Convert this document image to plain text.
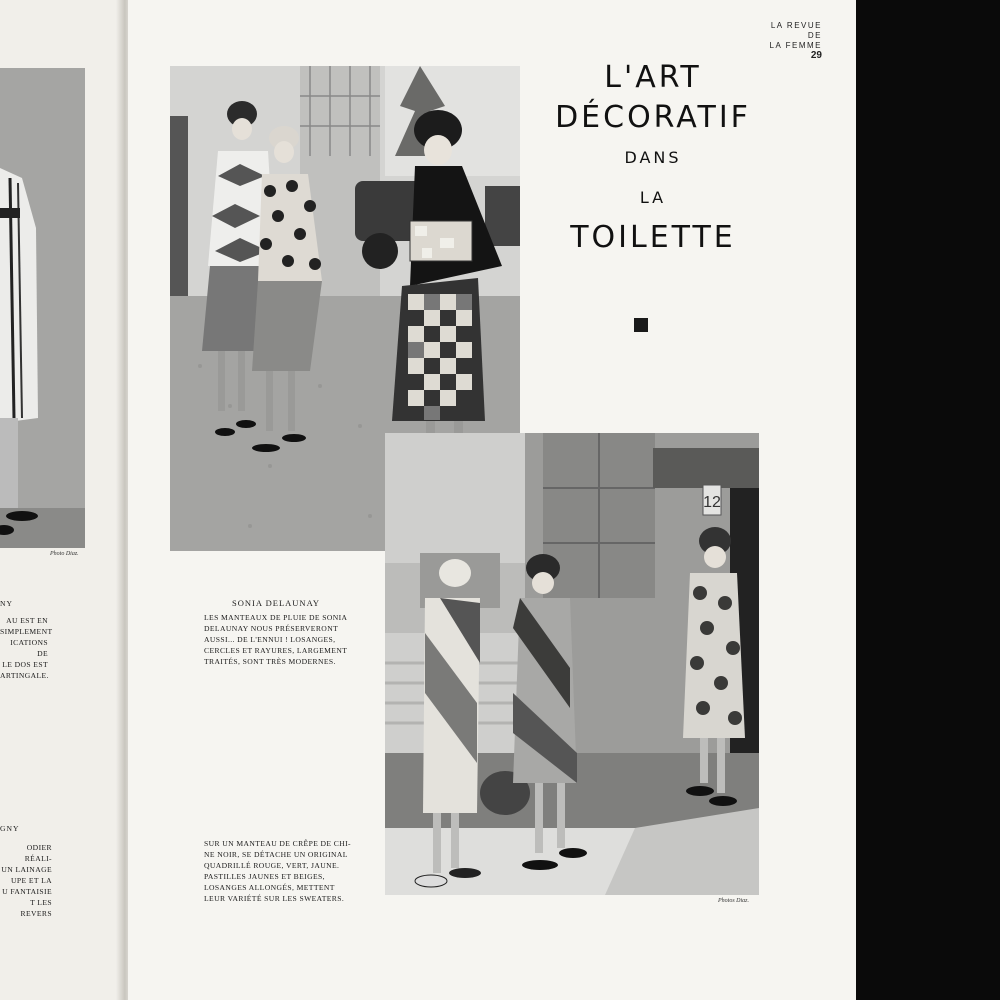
Photo Diaz.
NY
AU EST EN
SIMPLEMENT
ICATIONS DE
LE DOS EST
ARTINGALE.
GNY
ODIER RÉALI-
UN LAINAGE
UPE ET LA
U FANTAISIE
T LES REVERS
LA REVUE
DE
LA FEMME
29
L'ART
DÉCORATIF
DANS
LA
TOILETTE
12
SONIA DELAUNAY
LES MANTEAUX DE PLUIE DE SONIA
DELAUNAY NOUS PRÉSERVERONT
AUSSI... DE L'ENNUI ! LOSANGES,
CERCLES ET RAYURES, LARGEMENT
TRAITÉS, SONT TRÈS MODERNES.
SUR UN MANTEAU DE CRÊPE DE CHI-
NE NOIR, SE DÉTACHE UN ORIGINAL
QUADRILLÉ ROUGE, VERT, JAUNE.
PASTILLES JAUNES ET BEIGES,
LOSANGES ALLONGÉS, METTENT
LEUR VARIÉTÉ SUR LES SWEATERS.	Photos Diaz.
